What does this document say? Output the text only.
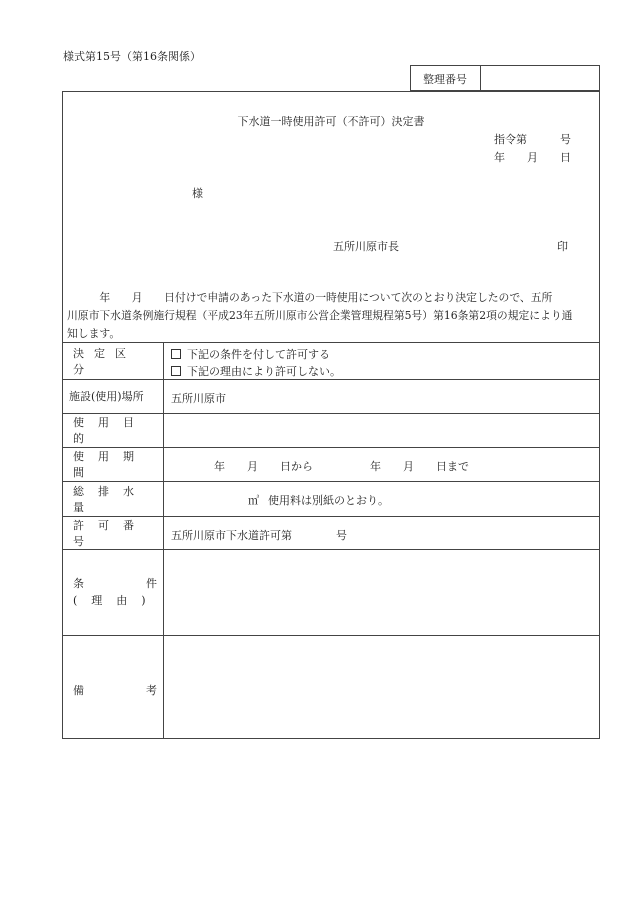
様式第15号（第16条関係）
整理番号
下水道一時使用許可（不許可）決定書
指令第　　　号
年　　月　　日
様
五所川原市長	印
　　　年　　月　　日付けで申請のあった下水道の一時使用について次のとおり決定したので、五所
川原市下水道条例施行規程（平成23年五所川原市公営企業管理規程第5号）第16条第2項の規定により通
知します。
決定区分
下記の条件を付して許可する
下記の理由により許可しない。
施設(使用)場所 五所川原市
使用目的
使用期間	年　　月　　日から	年　　月　　日まで
総排水量	㎥ 使用料は別紙のとおり。
許可番号	五所川原市下水道許可第　　　　号
条件
(理由)
備考
